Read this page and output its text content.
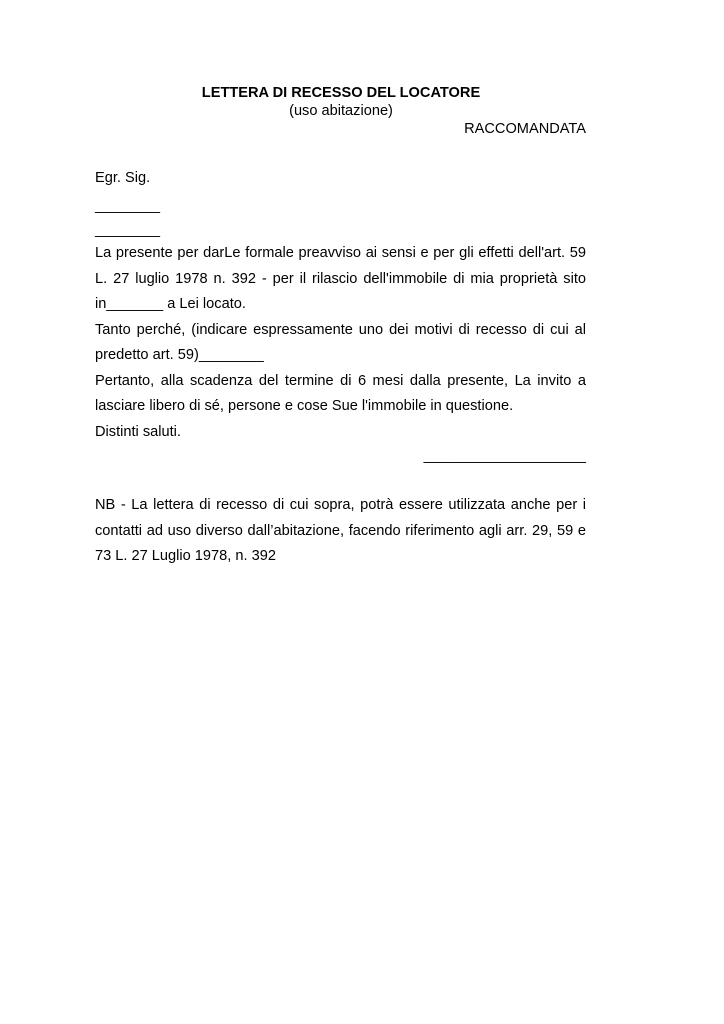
LETTERA DI RECESSO DEL LOCATORE
(uso abitazione)
RACCOMANDATA
Egr. Sig.
________
________

La presente per darLe formale preavviso ai sensi e per gli effetti dell'art. 59 L. 27 luglio 1978 n. 392 - per il rilascio dell'immobile di mia proprietà sito in_______ a Lei locato.

Tanto perché, (indicare espressamente uno dei motivi di recesso di cui al predetto art. 59)________

Pertanto, alla scadenza del termine di 6 mesi dalla presente, La invito a lasciare libero di sé, persone e cose Sue l'immobile in questione.

Distinti saluti.

____________________
NB - La lettera di recesso di cui sopra, potrà essere utilizzata anche per i contatti ad uso diverso dall’abitazione, facendo riferimento agli arr. 29, 59 e 73 L. 27 Luglio 1978, n. 392
